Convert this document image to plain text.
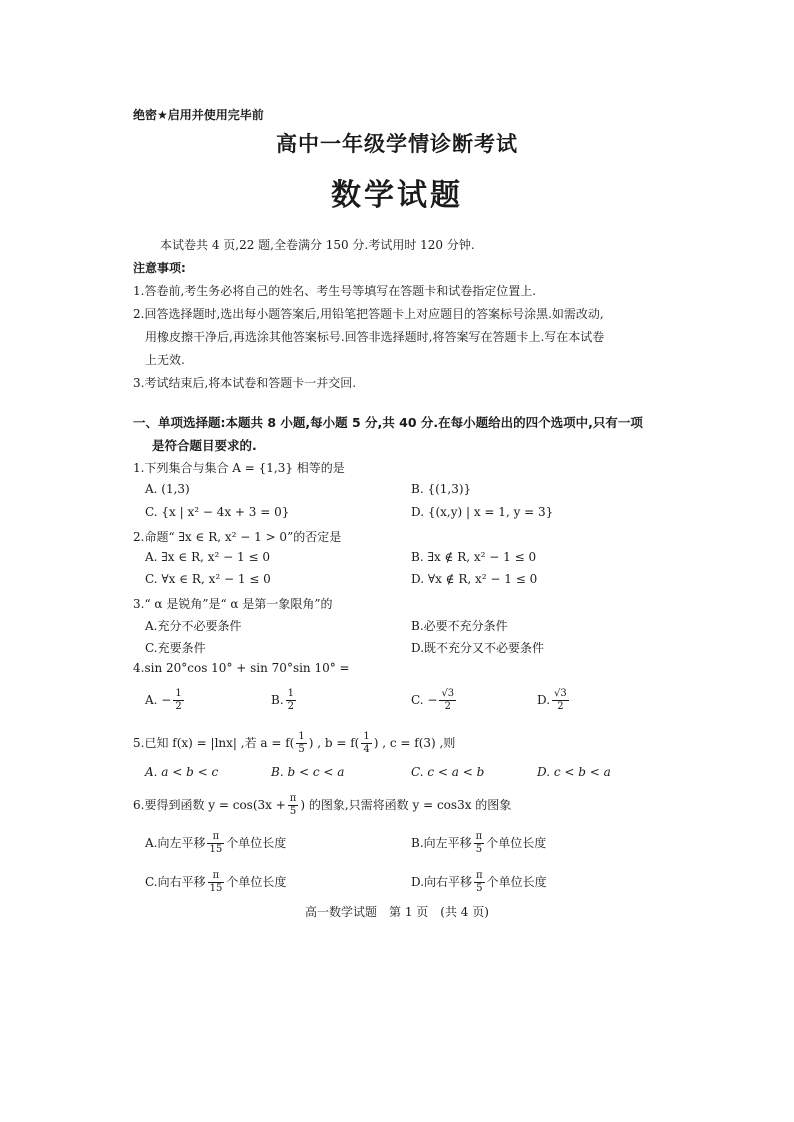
绝密★启用并使用完毕前
高中一年级学情诊断考试
数学试题
本试卷共 4 页,22 题,全卷满分 150 分.考试用时 120 分钟.
注意事项:
1.答卷前,考生务必将自己的姓名、考生号等填写在答题卡和试卷指定位置上.
2.回答选择题时,选出每小题答案后,用铅笔把答题卡上对应题目的答案标号涂黑.如需改动,
用橡皮擦干净后,再选涂其他答案标号.回答非选择题时,将答案写在答题卡上.写在本试卷
上无效.
3.考试结束后,将本试卷和答题卡一并交回.
一、单项选择题:本题共 8 小题,每小题 5 分,共 40 分.在每小题给出的四个选项中,只有一项
是符合题目要求的.
1.下列集合与集合 A = {1,3} 相等的是
A. (1,3)	B. {(1,3)}
C. {x | x² − 4x + 3 = 0}	D. {(x,y) | x = 1, y = 3}
2.命题“ ∃x ∈ R, x² − 1 > 0”的否定是
A. ∃x ∈ R, x² − 1 ≤ 0	B. ∃x ∉ R, x² − 1 ≤ 0
C. ∀x ∈ R, x² − 1 ≤ 0	D. ∀x ∉ R, x² − 1 ≤ 0
3.“ α 是锐角”是“ α 是第一象限角”的
A.充分不必要条件	B.必要不充分条件
C.充要条件	D.既不充分又不必要条件
4.sin 20°cos 10° + sin 70°sin 10° =
A. − $\frac{1}{2}$	B. $\frac{1}{2}$	C. − $\frac{√3}{2}$	D. $\frac{√3}{2}$
5.已知 f(x) = |lnx| ,若 $a = f( \frac{1}{5}$ ) , $b = f( \frac{1}{4}$ ) , c = f(3) ,则
A. a < b < c	B. b < c < a	C. c < a < b	D. c < b < a
6.要得到函数 $y = \cos(3x + \frac{\pi}{5}$ ) 的图象,只需将函数 y = cos3x 的图象
A.向左平移 $\frac{\pi}{15}$ 个单位长度	B.向左平移 $\frac{\pi}{5}$ 个单位长度
C.向右平移 $\frac{\pi}{15}$ 个单位长度	D.向右平移 $\frac{\pi}{5}$ 个单位长度
高一数学试题　第 1 页　(共 4 页)
